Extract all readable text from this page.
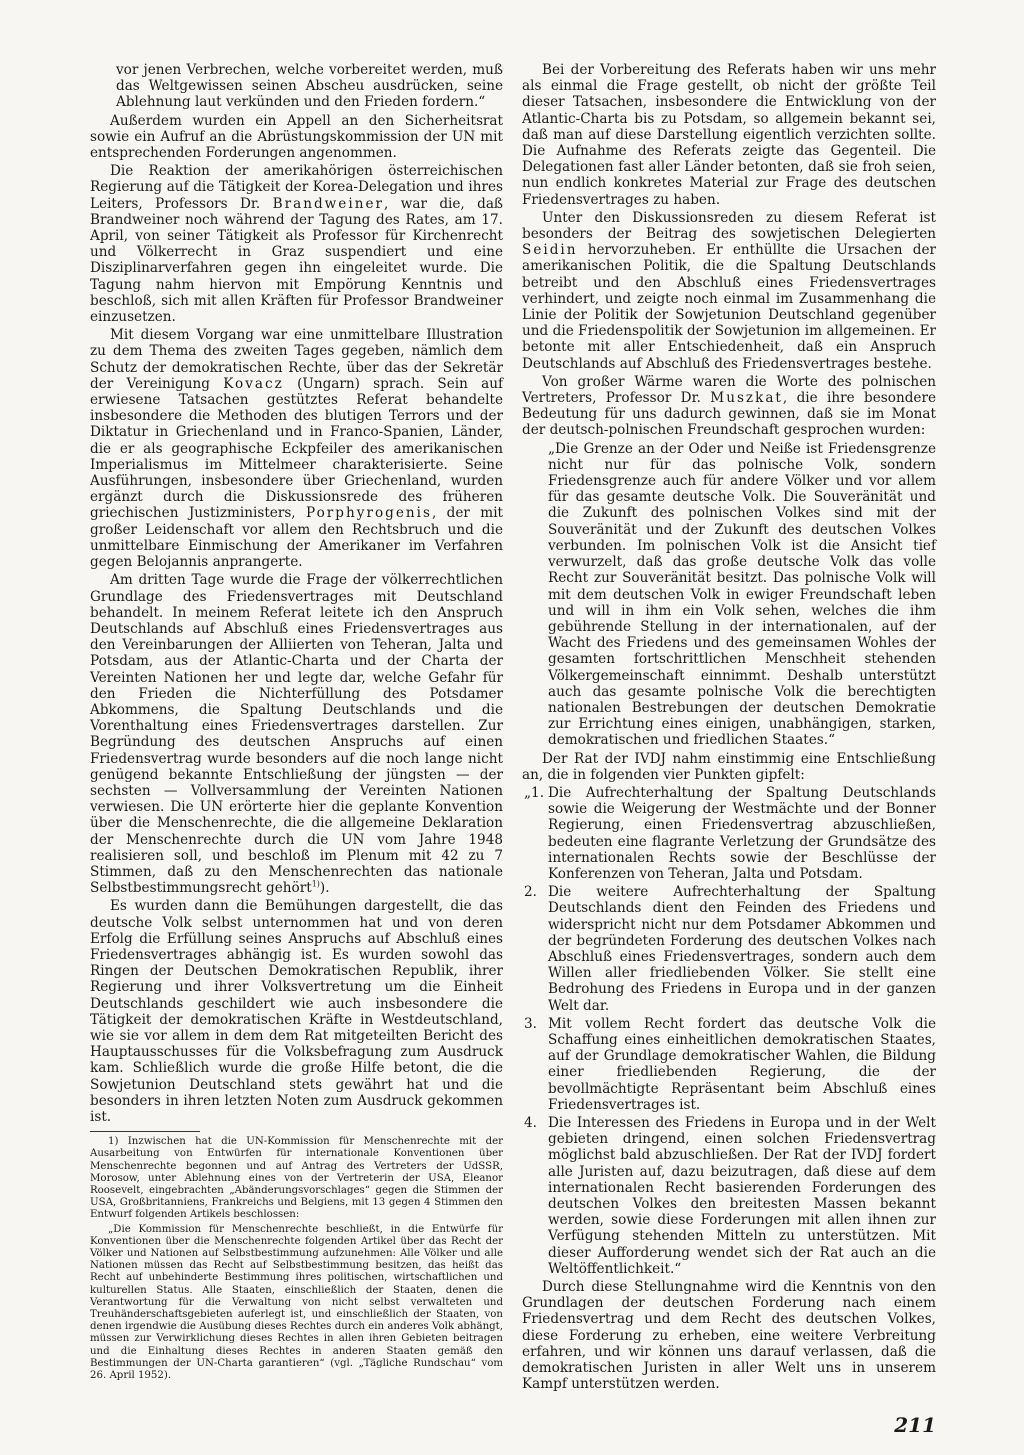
vor jenen Verbrechen, welche vorbereitet werden, muß das Weltgewissen seinen Abscheu ausdrücken, seine Ablehnung laut verkünden und den Frieden fordern.“

Außerdem wurden ein Appell an den Sicherheitsrat sowie ein Aufruf an die Abrüstungskommission der UN mit entsprechenden Forderungen angenommen.

Die Reaktion der amerikahörigen österreichischen Regierung auf die Tätigkeit der Korea-Delegation und ihres Leiters, Professors Dr. Brandweiner, war die, daß Brandweiner noch während der Tagung des Rates, am 17. April, von seiner Tätigkeit als Professor für Kirchenrecht und Völkerrecht in Graz suspendiert und eine Disziplinarverfahren gegen ihn eingeleitet wurde. Die Tagung nahm hiervon mit Empörung Kenntnis und beschloß, sich mit allen Kräften für Professor Brandweiner einzusetzen.

Mit diesem Vorgang war eine unmittelbare Illustration zu dem Thema des zweiten Tages gegeben, nämlich dem Schutz der demokratischen Rechte, über das der Sekretär der Vereinigung Kovacz (Ungarn) sprach. Sein auf erwiesene Tatsachen gestütztes Referat behandelte insbesondere die Methoden des blutigen Terrors und der Diktatur in Griechenland und in Franco-Spanien, Länder, die er als geographische Eckpfeiler des amerikanischen Imperialismus im Mittelmeer charakterisierte. Seine Ausführungen, insbesondere über Griechenland, wurden ergänzt durch die Diskussionsrede des früheren griechischen Justizministers, Porphyrogenis, der mit großer Leidenschaft vor allem den Rechtsbruch und die unmittelbare Einmischung der Amerikaner im Verfahren gegen Belojannis anprangerte.

Am dritten Tage wurde die Frage der völkerrechtlichen Grundlage des Friedensvertrages mit Deutschland behandelt. In meinem Referat leitete ich den Anspruch Deutschlands auf Abschluß eines Friedensvertrages aus den Vereinbarungen der Alliierten von Teheran, Jalta und Potsdam, aus der Atlantic-Charta und der Charta der Vereinten Nationen her und legte dar, welche Gefahr für den Frieden die Nichterfüllung des Potsdamer Abkommens, die Spaltung Deutschlands und die Vorenthaltung eines Friedensvertrages darstellen. Zur Begründung des deutschen Anspruchs auf einen Friedensvertrag wurde besonders auf die noch lange nicht genügend bekannte Entschließung der jüngsten — der sechsten — Vollversammlung der Vereinten Nationen verwiesen. Die UN erörterte hier die geplante Konvention über die Menschenrechte, die die allgemeine Deklaration der Menschenrechte durch die UN vom Jahre 1948 realisieren soll, und beschloß im Plenum mit 42 zu 7 Stimmen, daß zu den Menschenrechten das nationale Selbstbestimmungsrecht gehört$^{1)}$).

Es wurden dann die Bemühungen dargestellt, die das deutsche Volk selbst unternommen hat und von deren Erfolg die Erfüllung seines Anspruchs auf Abschluß eines Friedensvertrages abhängig ist. Es wurden sowohl das Ringen der Deutschen Demokratischen Republik, ihrer Regierung und ihrer Volksvertretung um die Einheit Deutschlands geschildert wie auch insbesondere die Tätigkeit der demokratischen Kräfte in Westdeutschland, wie sie vor allem in dem dem Rat mitgeteilten Bericht des Hauptausschusses für die Volksbefragung zum Ausdruck kam. Schließlich wurde die große Hilfe betont, die die Sowjetunion Deutschland stets gewährt hat und die besonders in ihren letzten Noten zum Ausdruck gekommen ist.

1) Inzwischen hat die UN-Kommission für Menschenrechte mit der Ausarbeitung von Entwürfen für internationale Konventionen über Menschenrechte begonnen und auf Antrag des Vertreters der UdSSR, Morosow, unter Ablehnung eines von der Vertreterin der USA, Eleanor Roosevelt, eingebrachten „Abänderungsvorschlages“ gegen die Stimmen der USA, Großbritanniens, Frankreichs und Belgiens, mit 13 gegen 4 Stimmen den Entwurf folgenden Artikels beschlossen:

„Die Kommission für Menschenrechte beschließt, in die Entwürfe für Konventionen über die Menschenrechte folgenden Artikel über das Recht der Völker und Nationen auf Selbstbestimmung aufzunehmen: Alle Völker und alle Nationen müssen das Recht auf Selbstbestimmung besitzen, das heißt das Recht auf unbehinderte Bestimmung ihres politischen, wirtschaftlichen und kulturellen Status. Alle Staaten, einschließlich der Staaten, denen die Verantwortung für die Verwaltung von nicht selbst verwalteten und Treuhänderschaftsgebieten auferlegt ist, und einschließlich der Staaten, von denen irgendwie die Ausübung dieses Rechtes durch ein anderes Volk abhängt, müssen zur Verwirklichung dieses Rechtes in allen ihren Gebieten beitragen und die Einhaltung dieses Rechtes in anderen Staaten gemäß den Bestimmungen der UN-Charta garantieren“ (vgl. „Tägliche Rundschau“ vom 26. April 1952).

Bei der Vorbereitung des Referats haben wir uns mehr als einmal die Frage gestellt, ob nicht der größte Teil dieser Tatsachen, insbesondere die Entwicklung von der Atlantic-Charta bis zu Potsdam, so allgemein bekannt sei, daß man auf diese Darstellung eigentlich verzichten sollte. Die Aufnahme des Referats zeigte das Gegenteil. Die Delegationen fast aller Länder betonten, daß sie froh seien, nun endlich konkretes Material zur Frage des deutschen Friedensvertrages zu haben.

Unter den Diskussionsreden zu diesem Referat ist besonders der Beitrag des sowjetischen Delegierten Seidin hervorzuheben. Er enthüllte die Ursachen der amerikanischen Politik, die die Spaltung Deutschlands betreibt und den Abschluß eines Friedensvertrages verhindert, und zeigte noch einmal im Zusammenhang die Linie der Politik der Sowjetunion Deutschland gegenüber und die Friedenspolitik der Sowjetunion im allgemeinen. Er betonte mit aller Entschiedenheit, daß ein Anspruch Deutschlands auf Abschluß des Friedensvertrages bestehe.

Von großer Wärme waren die Worte des polnischen Vertreters, Professor Dr. Muszkat, die ihre besondere Bedeutung für uns dadurch gewinnen, daß sie im Monat der deutsch-polnischen Freundschaft gesprochen wurden:

„Die Grenze an der Oder und Neiße ist Friedensgrenze nicht nur für das polnische Volk, sondern Friedensgrenze auch für andere Völker und vor allem für das gesamte deutsche Volk. Die Souveränität und die Zukunft des polnischen Volkes sind mit der Souveränität und der Zukunft des deutschen Volkes verbunden. Im polnischen Volk ist die Ansicht tief verwurzelt, daß das große deutsche Volk das volle Recht zur Souveränität besitzt. Das polnische Volk will mit dem deutschen Volk in ewiger Freundschaft leben und will in ihm ein Volk sehen, welches die ihm gebührende Stellung in der internationalen, auf der Wacht des Friedens und des gemeinsamen Wohles der gesamten fortschrittlichen Menschheit stehenden Völkergemeinschaft einnimmt. Deshalb unterstützt auch das gesamte polnische Volk die berechtigten nationalen Bestrebungen der deutschen Demokratie zur Errichtung eines einigen, unabhängigen, starken, demokratischen und friedlichen Staates.“

Der Rat der IVDJ nahm einstimmig eine Entschließung an, die in folgenden vier Punkten gipfelt:

„1. Die Aufrechterhaltung der Spaltung Deutschlands sowie die Weigerung der Westmächte und der Bonner Regierung, einen Friedensvertrag abzuschließen, bedeuten eine flagrante Verletzung der Grundsätze des internationalen Rechts sowie der Beschlüsse der Konferenzen von Teheran, Jalta und Potsdam.
2. Die weitere Aufrechterhaltung der Spaltung Deutschlands dient den Feinden des Friedens und widerspricht nicht nur dem Potsdamer Abkommen und der begründeten Forderung des deutschen Volkes nach Abschluß eines Friedensvertrages, sondern auch dem Willen aller friedliebenden Völker. Sie stellt eine Bedrohung des Friedens in Europa und in der ganzen Welt dar.
3. Mit vollem Recht fordert das deutsche Volk die Schaffung eines einheitlichen demokratischen Staates, auf der Grundlage demokratischer Wahlen, die Bildung einer friedliebenden Regierung, die der bevollmächtigte Repräsentant beim Abschluß eines Friedensvertrages ist.
4. Die Interessen des Friedens in Europa und in der Welt gebieten dringend, einen solchen Friedensvertrag möglichst bald abzuschließen. Der Rat der IVDJ fordert alle Juristen auf, dazu beizutragen, daß diese auf dem internationalen Recht basierenden Forderungen des deutschen Volkes den breitesten Massen bekannt werden, sowie diese Forderungen mit allen ihnen zur Verfügung stehenden Mitteln zu unterstützen. Mit dieser Aufforderung wendet sich der Rat auch an die Weltöffentlichkeit.“

Durch diese Stellungnahme wird die Kenntnis von den Grundlagen der deutschen Forderung nach einem Friedensvertrag und dem Recht des deutschen Volkes, diese Forderung zu erheben, eine weitere Verbreitung erfahren, und wir können uns darauf verlassen, daß die demokratischen Juristen in aller Welt uns in unserem Kampf unterstützen werden.

211
